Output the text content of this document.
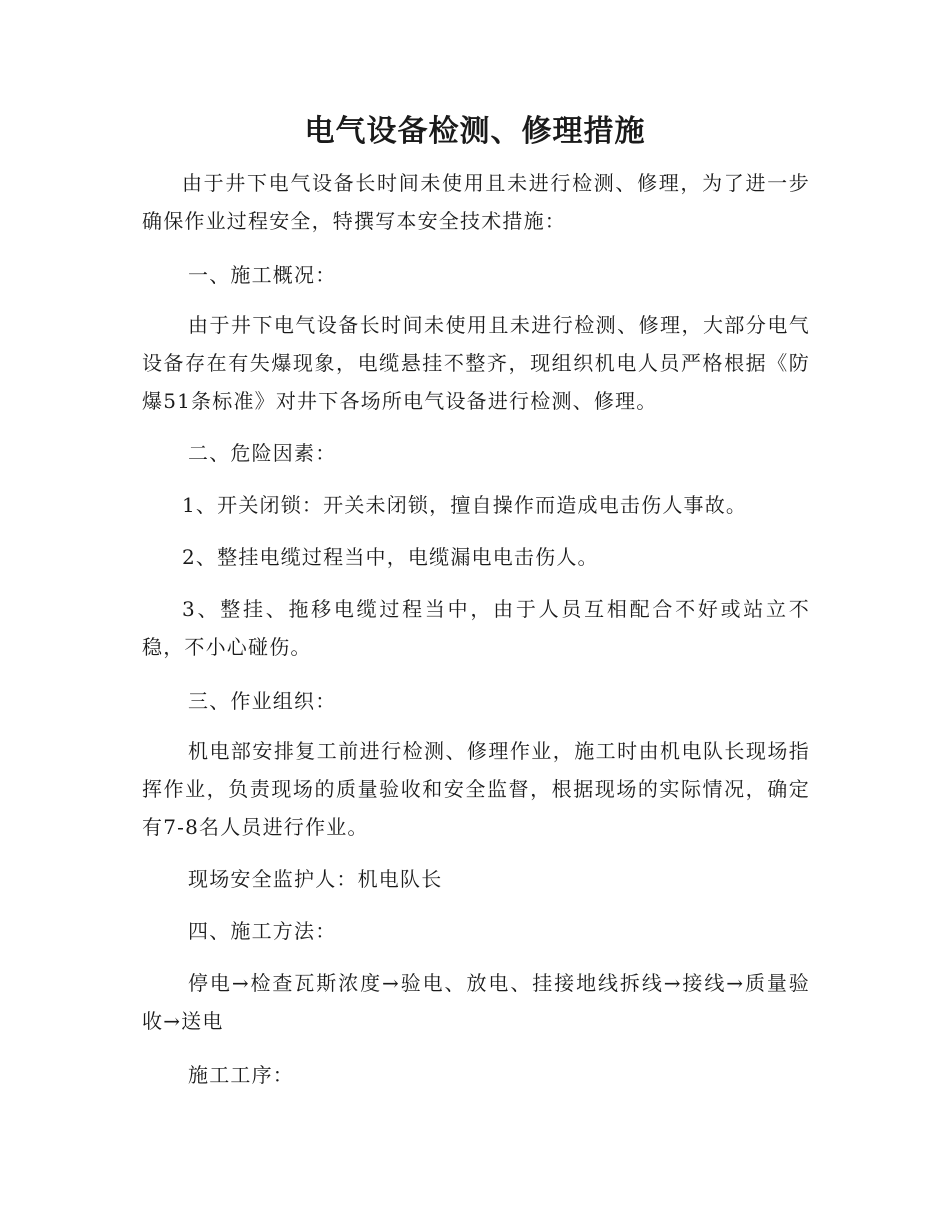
电气设备检测、修理措施

由于井下电气设备长时间未使用且未进行检测、修理，为了进一步确保作业过程安全，特撰写本安全技术措施：

一、施工概况：

由于井下电气设备长时间未使用且未进行检测、修理，大部分电气设备存在有失爆现象，电缆悬挂不整齐，现组织机电人员严格根据《防爆51条标准》对井下各场所电气设备进行检测、修理。

二、危险因素：

1、开关闭锁：开关未闭锁，擅自操作而造成电击伤人事故。

2、整挂电缆过程当中，电缆漏电电击伤人。

3、整挂、拖移电缆过程当中，由于人员互相配合不好或站立不稳，不小心碰伤。

三、作业组织：

机电部安排复工前进行检测、修理作业，施工时由机电队长现场指挥作业，负责现场的质量验收和安全监督，根据现场的实际情况，确定有7-8名人员进行作业。

现场安全监护人：机电队长

四、施工方法：

停电→检查瓦斯浓度→验电、放电、挂接地线拆线→接线→质量验收→送电

施工工序：
